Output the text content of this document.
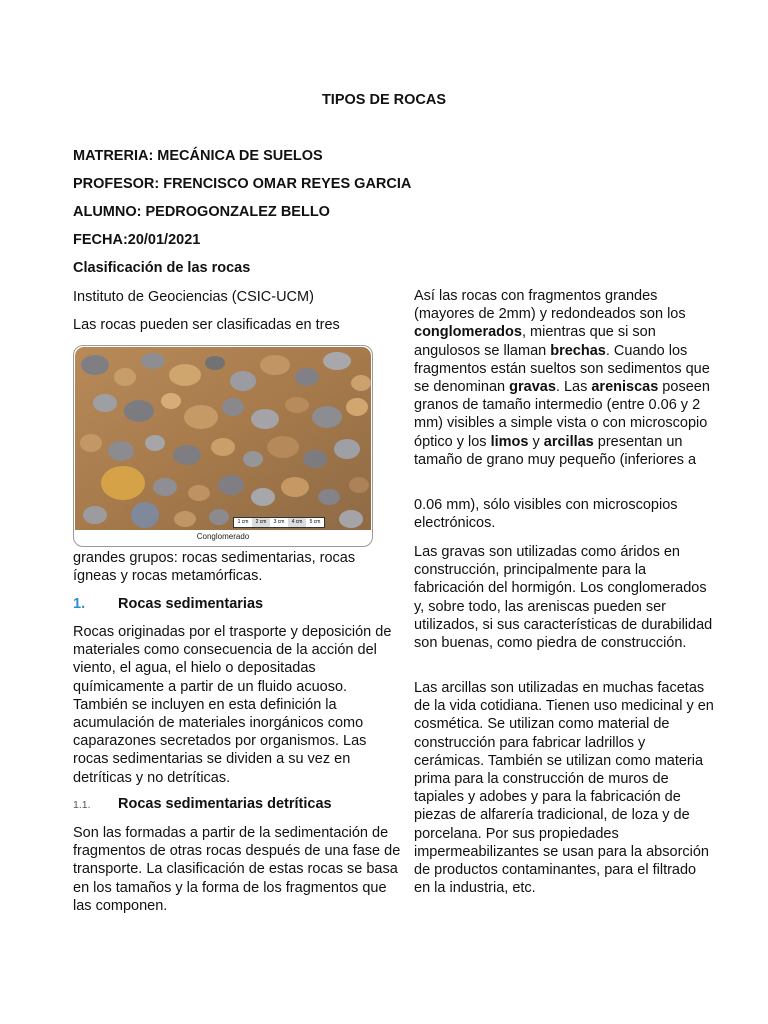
TIPOS DE ROCAS
MATRERIA: MECÁNICA DE SUELOS
PROFESOR: FRENCISCO OMAR REYES GARCIA
ALUMNO: PEDROGONZALEZ BELLO
FECHA:20/01/2021
Clasificación de las rocas

Instituto de Geociencias (CSIC-UCM)

Las rocas pueden ser clasificadas en tres

1 cm	2 cm	3 cm	4 cm	5 cm
Conglomerado

grandes grupos: rocas sedimentarias, rocas ígneas y rocas metamórficas.

1. Rocas sedimentarias

Rocas originadas por el trasporte y deposición de materiales como consecuencia de la acción del viento, el agua, el hielo o depositadas químicamente a partir de un fluido acuoso. También se incluyen en esta definición la acumulación de materiales inorgánicos como caparazones secretados por organismos. Las rocas sedimentarias se dividen a su vez en detríticas y no detríticas.

1.1. Rocas sedimentarias detríticas

Son las formadas a partir de la sedimentación de fragmentos de otras rocas después de una fase de transporte. La clasificación de estas rocas se basa en los tamaños y la forma de los fragmentos que las componen.

Así las rocas con fragmentos grandes (mayores de 2mm) y redondeados son los conglomerados, mientras que si son angulosos se llaman brechas. Cuando los fragmentos están sueltos son sedimentos que se denominan gravas. Las areniscas poseen granos de tamaño intermedio (entre 0.06 y 2 mm) visibles a simple vista o con microscopio óptico y los limos y arcillas presentan un tamaño de grano muy pequeño (inferiores a

0.06 mm), sólo visibles con microscopios electrónicos.

Las gravas son utilizadas como áridos en construcción, principalmente para la fabricación del hormigón. Los conglomerados y, sobre todo, las areniscas pueden ser utilizados, si sus características de durabilidad son buenas, como piedra de construcción.

Las arcillas son utilizadas en muchas facetas de la vida cotidiana. Tienen uso medicinal y en cosmética. Se utilizan como material de construcción para fabricar ladrillos y cerámicas. También se utilizan como materia prima para la construcción de muros de tapiales y adobes y para la fabricación de piezas de alfarería tradicional, de loza y de porcelana. Por sus propiedades impermeabilizantes se usan para la absorción de productos contaminantes, para el filtrado en la industria, etc.
